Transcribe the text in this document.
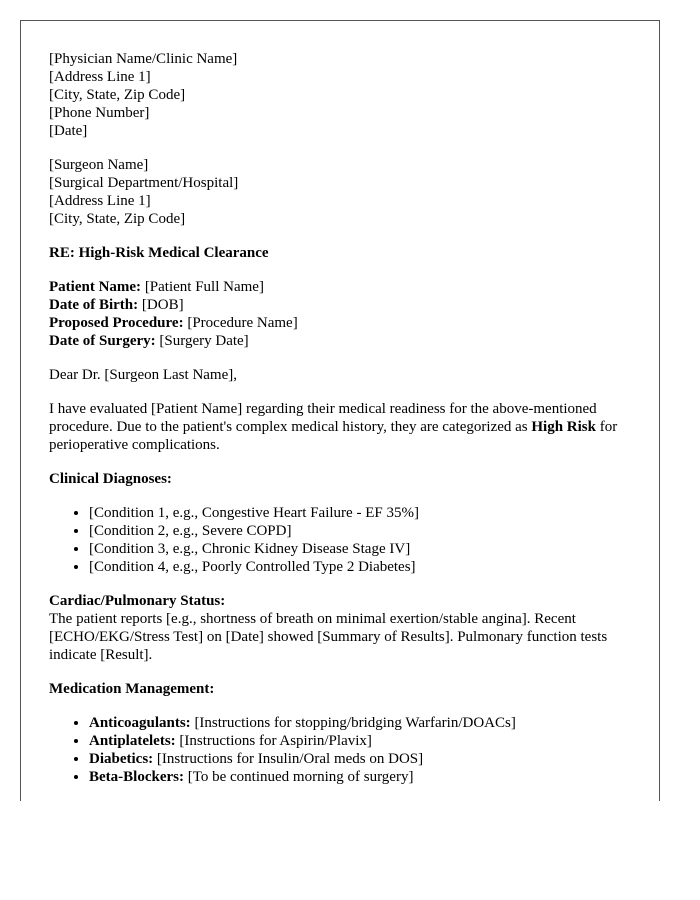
[Physician Name/Clinic Name]
[Address Line 1]
[City, State, Zip Code]
[Phone Number]
[Date]
[Surgeon Name]
[Surgical Department/Hospital]
[Address Line 1]
[City, State, Zip Code]
RE: High-Risk Medical Clearance
Patient Name: [Patient Full Name]
Date of Birth: [DOB]
Proposed Procedure: [Procedure Name]
Date of Surgery: [Surgery Date]

Dear Dr. [Surgeon Last Name],

I have evaluated [Patient Name] regarding their medical readiness for the above-mentioned procedure. Due to the patient's complex medical history, they are categorized as High Risk for perioperative complications.

Clinical Diagnoses:
• [Condition 1, e.g., Congestive Heart Failure - EF 35%]
• [Condition 2, e.g., Severe COPD]
• [Condition 3, e.g., Chronic Kidney Disease Stage IV]
• [Condition 4, e.g., Poorly Controlled Type 2 Diabetes]
Cardiac/Pulmonary Status:

The patient reports [e.g., shortness of breath on minimal exertion/stable angina]. Recent [ECHO/EKG/Stress Test] on [Date] showed [Summary of Results]. Pulmonary function tests indicate [Result].

Medication Management:
• Anticoagulants: [Instructions for stopping/bridging Warfarin/DOACs]
• Antiplatelets: [Instructions for Aspirin/Plavix]
• Diabetics: [Instructions for Insulin/Oral meds on DOS]
• Beta-Blockers: [To be continued morning of surgery]
